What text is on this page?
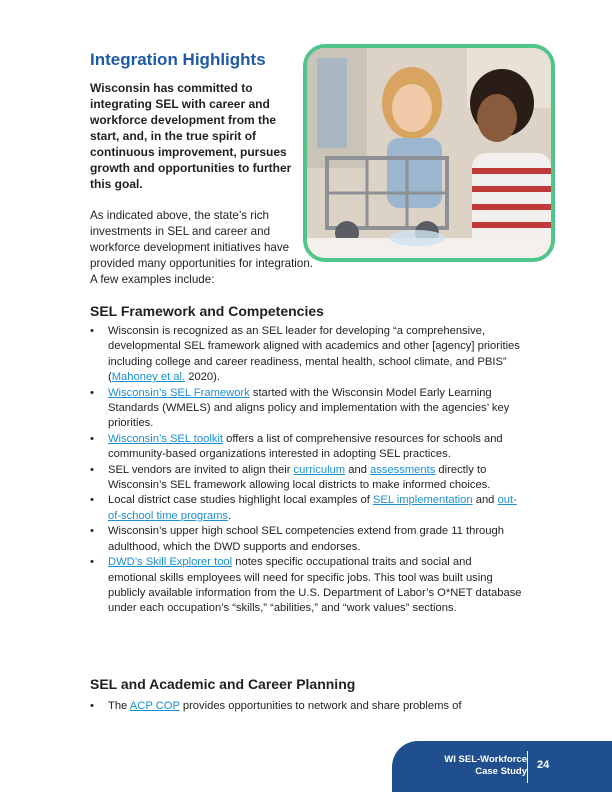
Integration Highlights

Wisconsin has committed to integrating SEL with career and workforce development from the start, and, in the true spirit of continuous improvement, pursues growth and opportunities to further this goal.

As indicated above, the state’s rich investments in SEL and career and workforce development initiatives have provided many opportunities for integration. A few examples include:

SEL Framework and Competencies
• Wisconsin is recognized as an SEL leader for developing “a comprehensive, developmental SEL framework aligned with academics and other [agency] priorities including college and career readiness, mental health, school climate, and PBIS” (Mahoney et al. 2020).
• Wisconsin’s SEL Framework started with the Wisconsin Model Early Learning Standards (WMELS) and aligns policy and implementation with the agencies’ key priorities.
• Wisconsin’s SEL toolkit offers a list of comprehensive resources for schools and community-based organizations interested in adopting SEL practices.
• SEL vendors are invited to align their curriculum and assessments directly to Wisconsin’s SEL framework allowing local districts to make informed choices.
• Local district case studies highlight local examples of SEL implementation and out-of-school time programs.
• Wisconsin’s upper high school SEL competencies extend from grade 11 through adulthood, which the DWD supports and endorses.
• DWD’s Skill Explorer tool notes specific occupational traits and social and emotional skills employees will need for specific jobs. This tool was built using publicly available information from the U.S. Department of Labor’s O*NET database under each occupation’s “skills,” “abilities,” and “work values” sections.
SEL and Academic and Career Planning
• The ACP COP provides opportunities to network and share problems of
WI SEL-Workforce
Case Study
24
